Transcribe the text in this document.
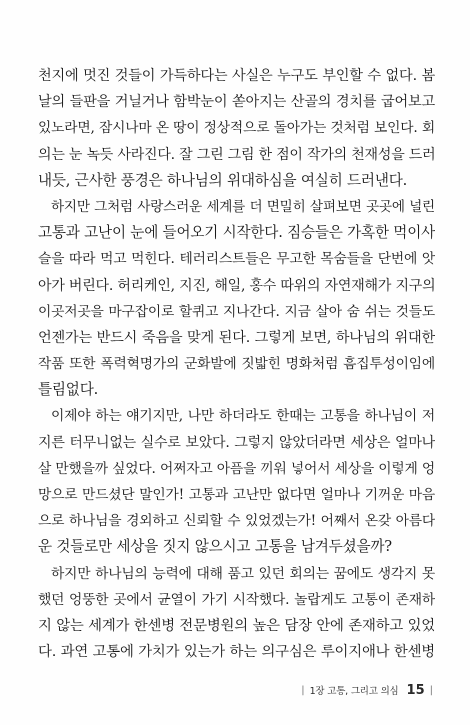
천지에 멋진 것들이 가득하다는 사실은 누구도 부인할 수 없다. 봄
날의 들판을 거닐거나 함박눈이 쏟아지는 산골의 경치를 굽어보고
있노라면, 잠시나마 온 땅이 정상적으로 돌아가는 것처럼 보인다. 회
의는 눈 녹듯 사라진다. 잘 그린 그림 한 점이 작가의 천재성을 드러
내듯, 근사한 풍경은 하나님의 위대하심을 여실히 드러낸다.
하지만 그처럼 사랑스러운 세계를 더 면밀히 살펴보면 곳곳에 널린
고통과 고난이 눈에 들어오기 시작한다. 짐승들은 가혹한 먹이사
슬을 따라 먹고 먹힌다. 테러리스트들은 무고한 목숨들을 단번에 앗
아가 버린다. 허리케인, 지진, 해일, 홍수 따위의 자연재해가 지구의
이곳저곳을 마구잡이로 할퀴고 지나간다. 지금 살아 숨 쉬는 것들도
언젠가는 반드시 죽음을 맞게 된다. 그렇게 보면, 하나님의 위대한
작품 또한 폭력혁명가의 군화발에 짓밟힌 명화처럼 흠집투성이임에
틀림없다.
이제야 하는 얘기지만, 나만 하더라도 한때는 고통을 하나님이 저
지른 터무니없는 실수로 보았다. 그렇지 않았더라면 세상은 얼마나
살 만했을까 싶었다. 어쩌자고 아픔을 끼워 넣어서 세상을 이렇게 엉
망으로 만드셨단 말인가! 고통과 고난만 없다면 얼마나 기꺼운 마음
으로 하나님을 경외하고 신뢰할 수 있었겠는가! 어째서 온갖 아름다
운 것들로만 세상을 짓지 않으시고 고통을 남겨두셨을까?
하지만 하나님의 능력에 대해 품고 있던 회의는 꿈에도 생각지 못
했던 엉뚱한 곳에서 균열이 가기 시작했다. 놀랍게도 고통이 존재하
지 않는 세계가 한센병 전문병원의 높은 담장 안에 존재하고 있었
다. 과연 고통에 가치가 있는가 하는 의구심은 루이지애나 한센병
| 1장 고통, 그리고 의심 15 |
